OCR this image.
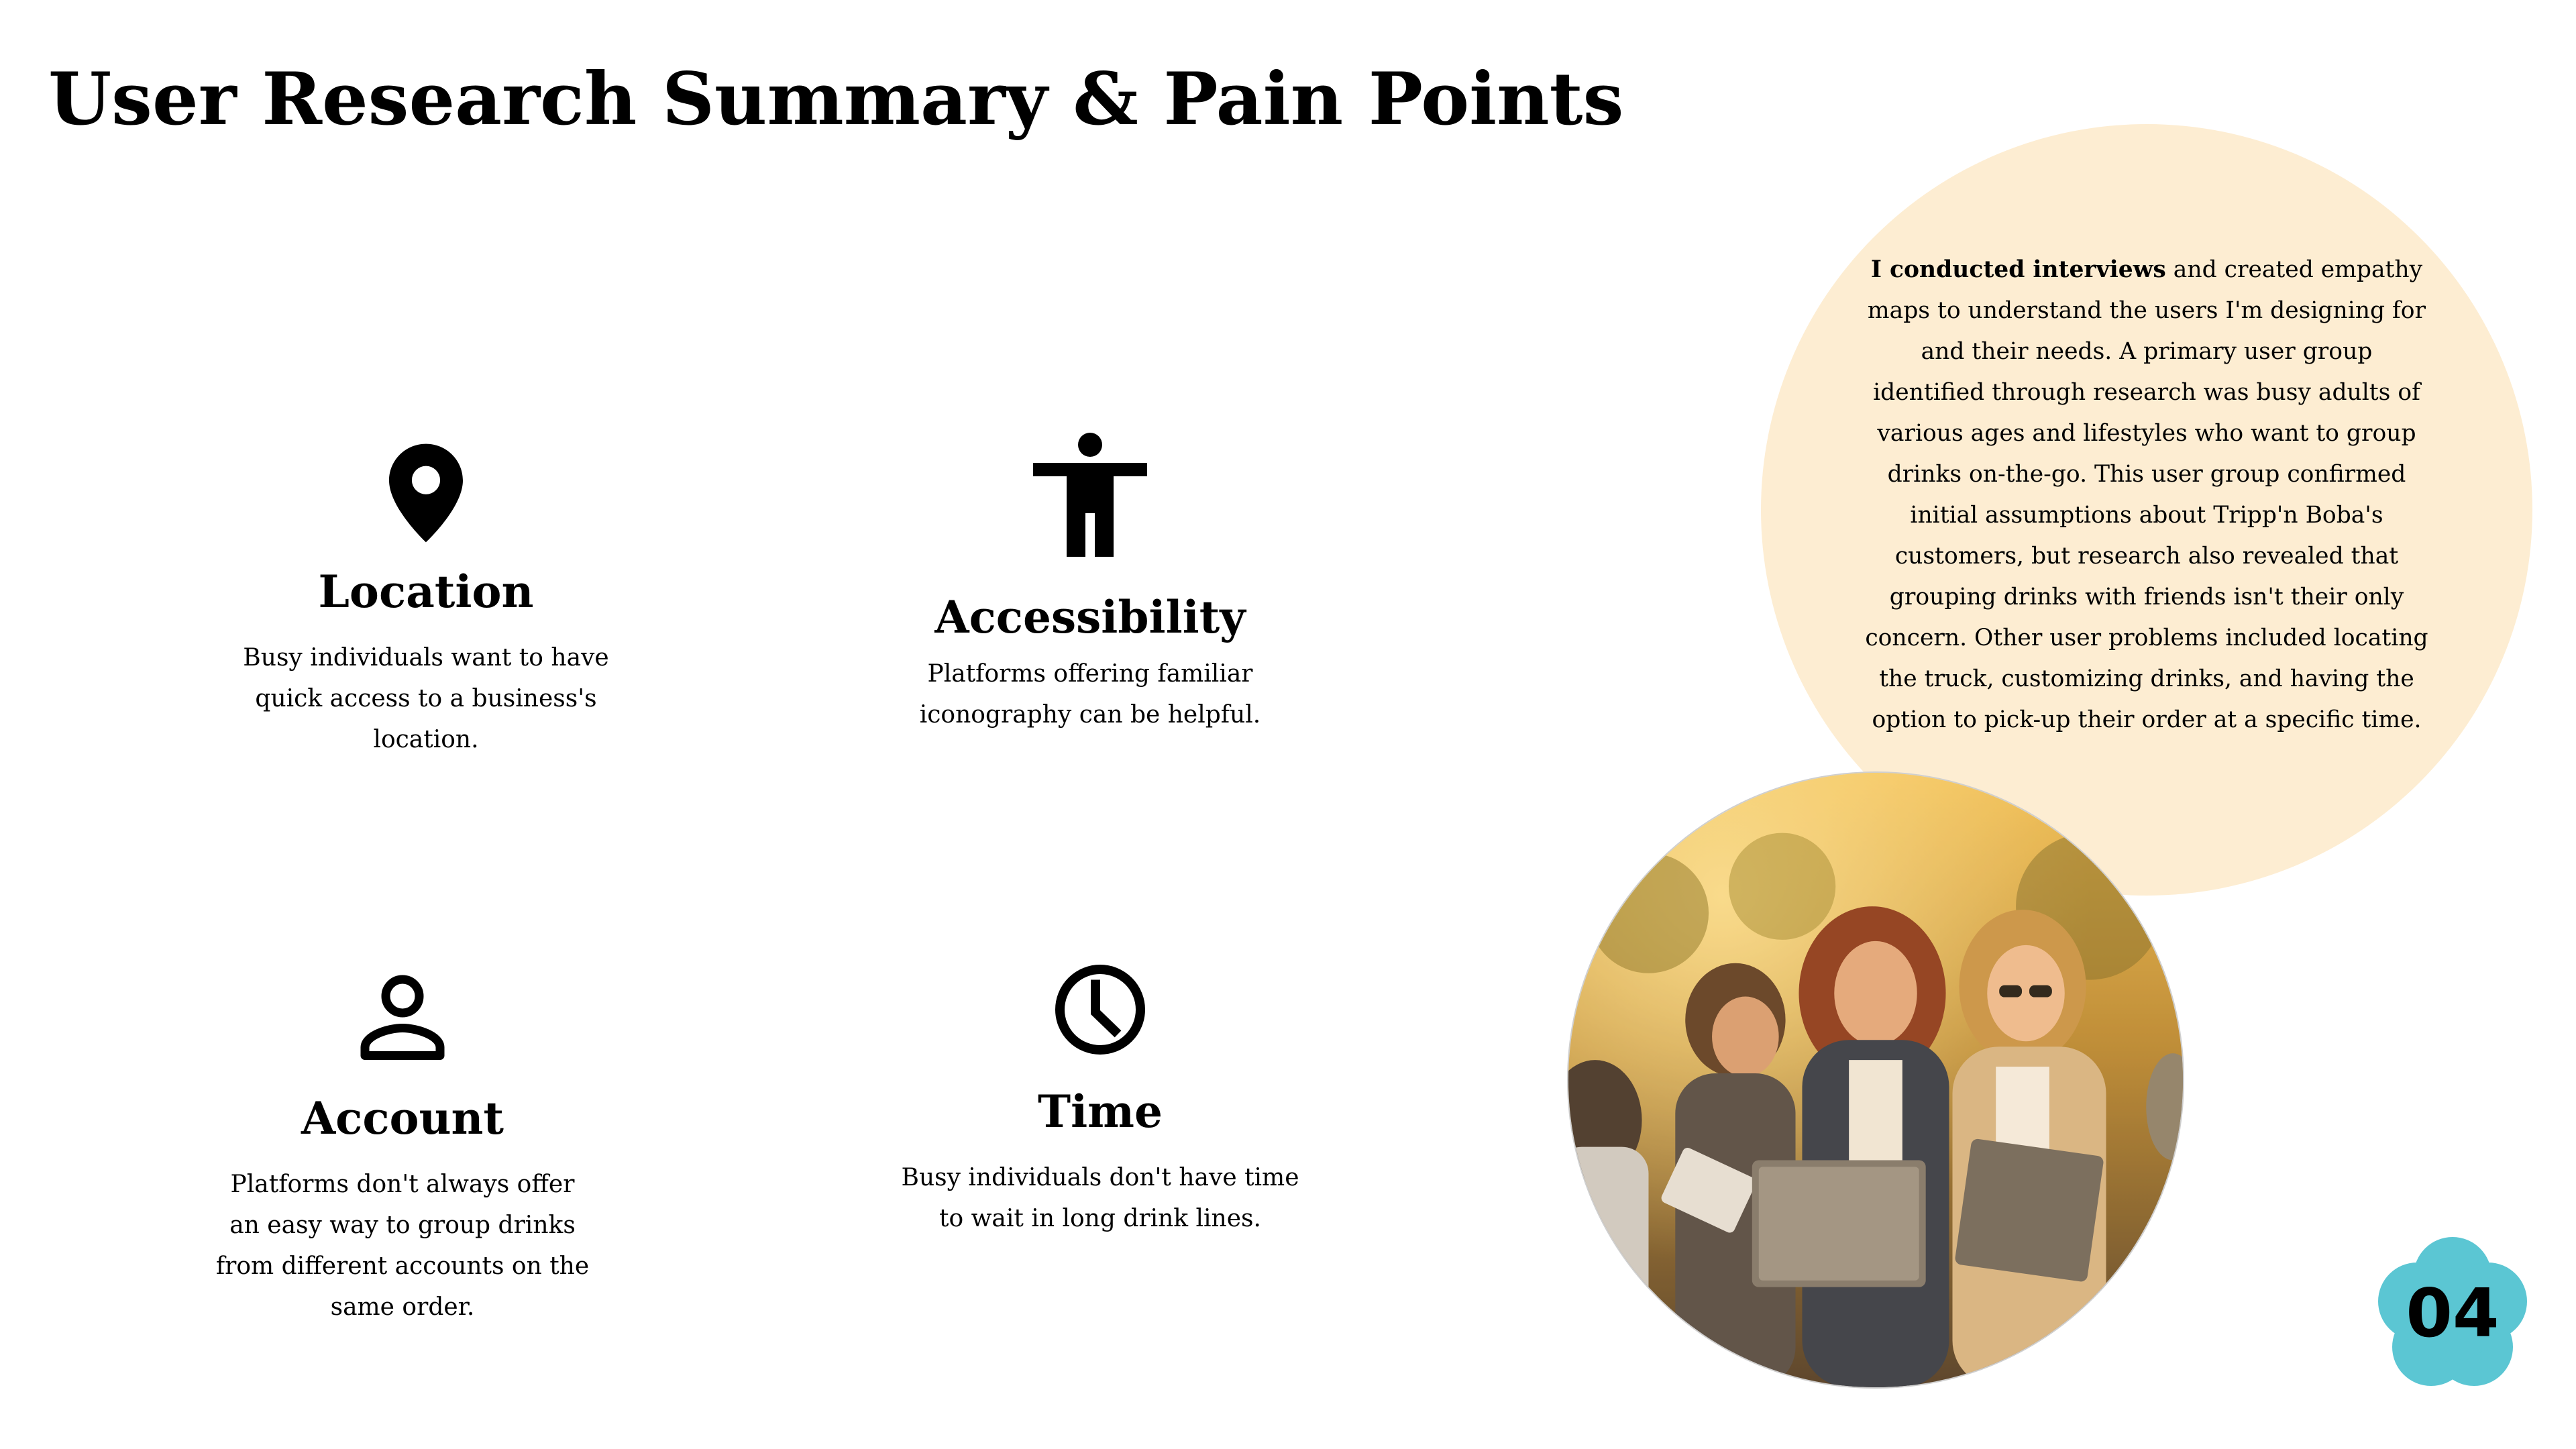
User Research Summary & Pain Points

Location

Busy individuals want to have quick access to a business's location.

Accessibility

Platforms offering familiar iconography can be helpful.

Account

Platforms don't always offer an easy way to group drinks from different accounts on the same order.

Time

Busy individuals don't have time to wait in long drink lines.

I conducted interviews and created empathy maps to understand the users I'm designing for and their needs. A primary user group identified through research was busy adults of various ages and lifestyles who want to group drinks on-the-go. This user group confirmed initial assumptions about Tripp'n Boba's customers, but research also revealed that grouping drinks with friends isn't their only concern. Other user problems included locating the truck, customizing drinks, and having the option to pick-up their order at a specific time.

04
